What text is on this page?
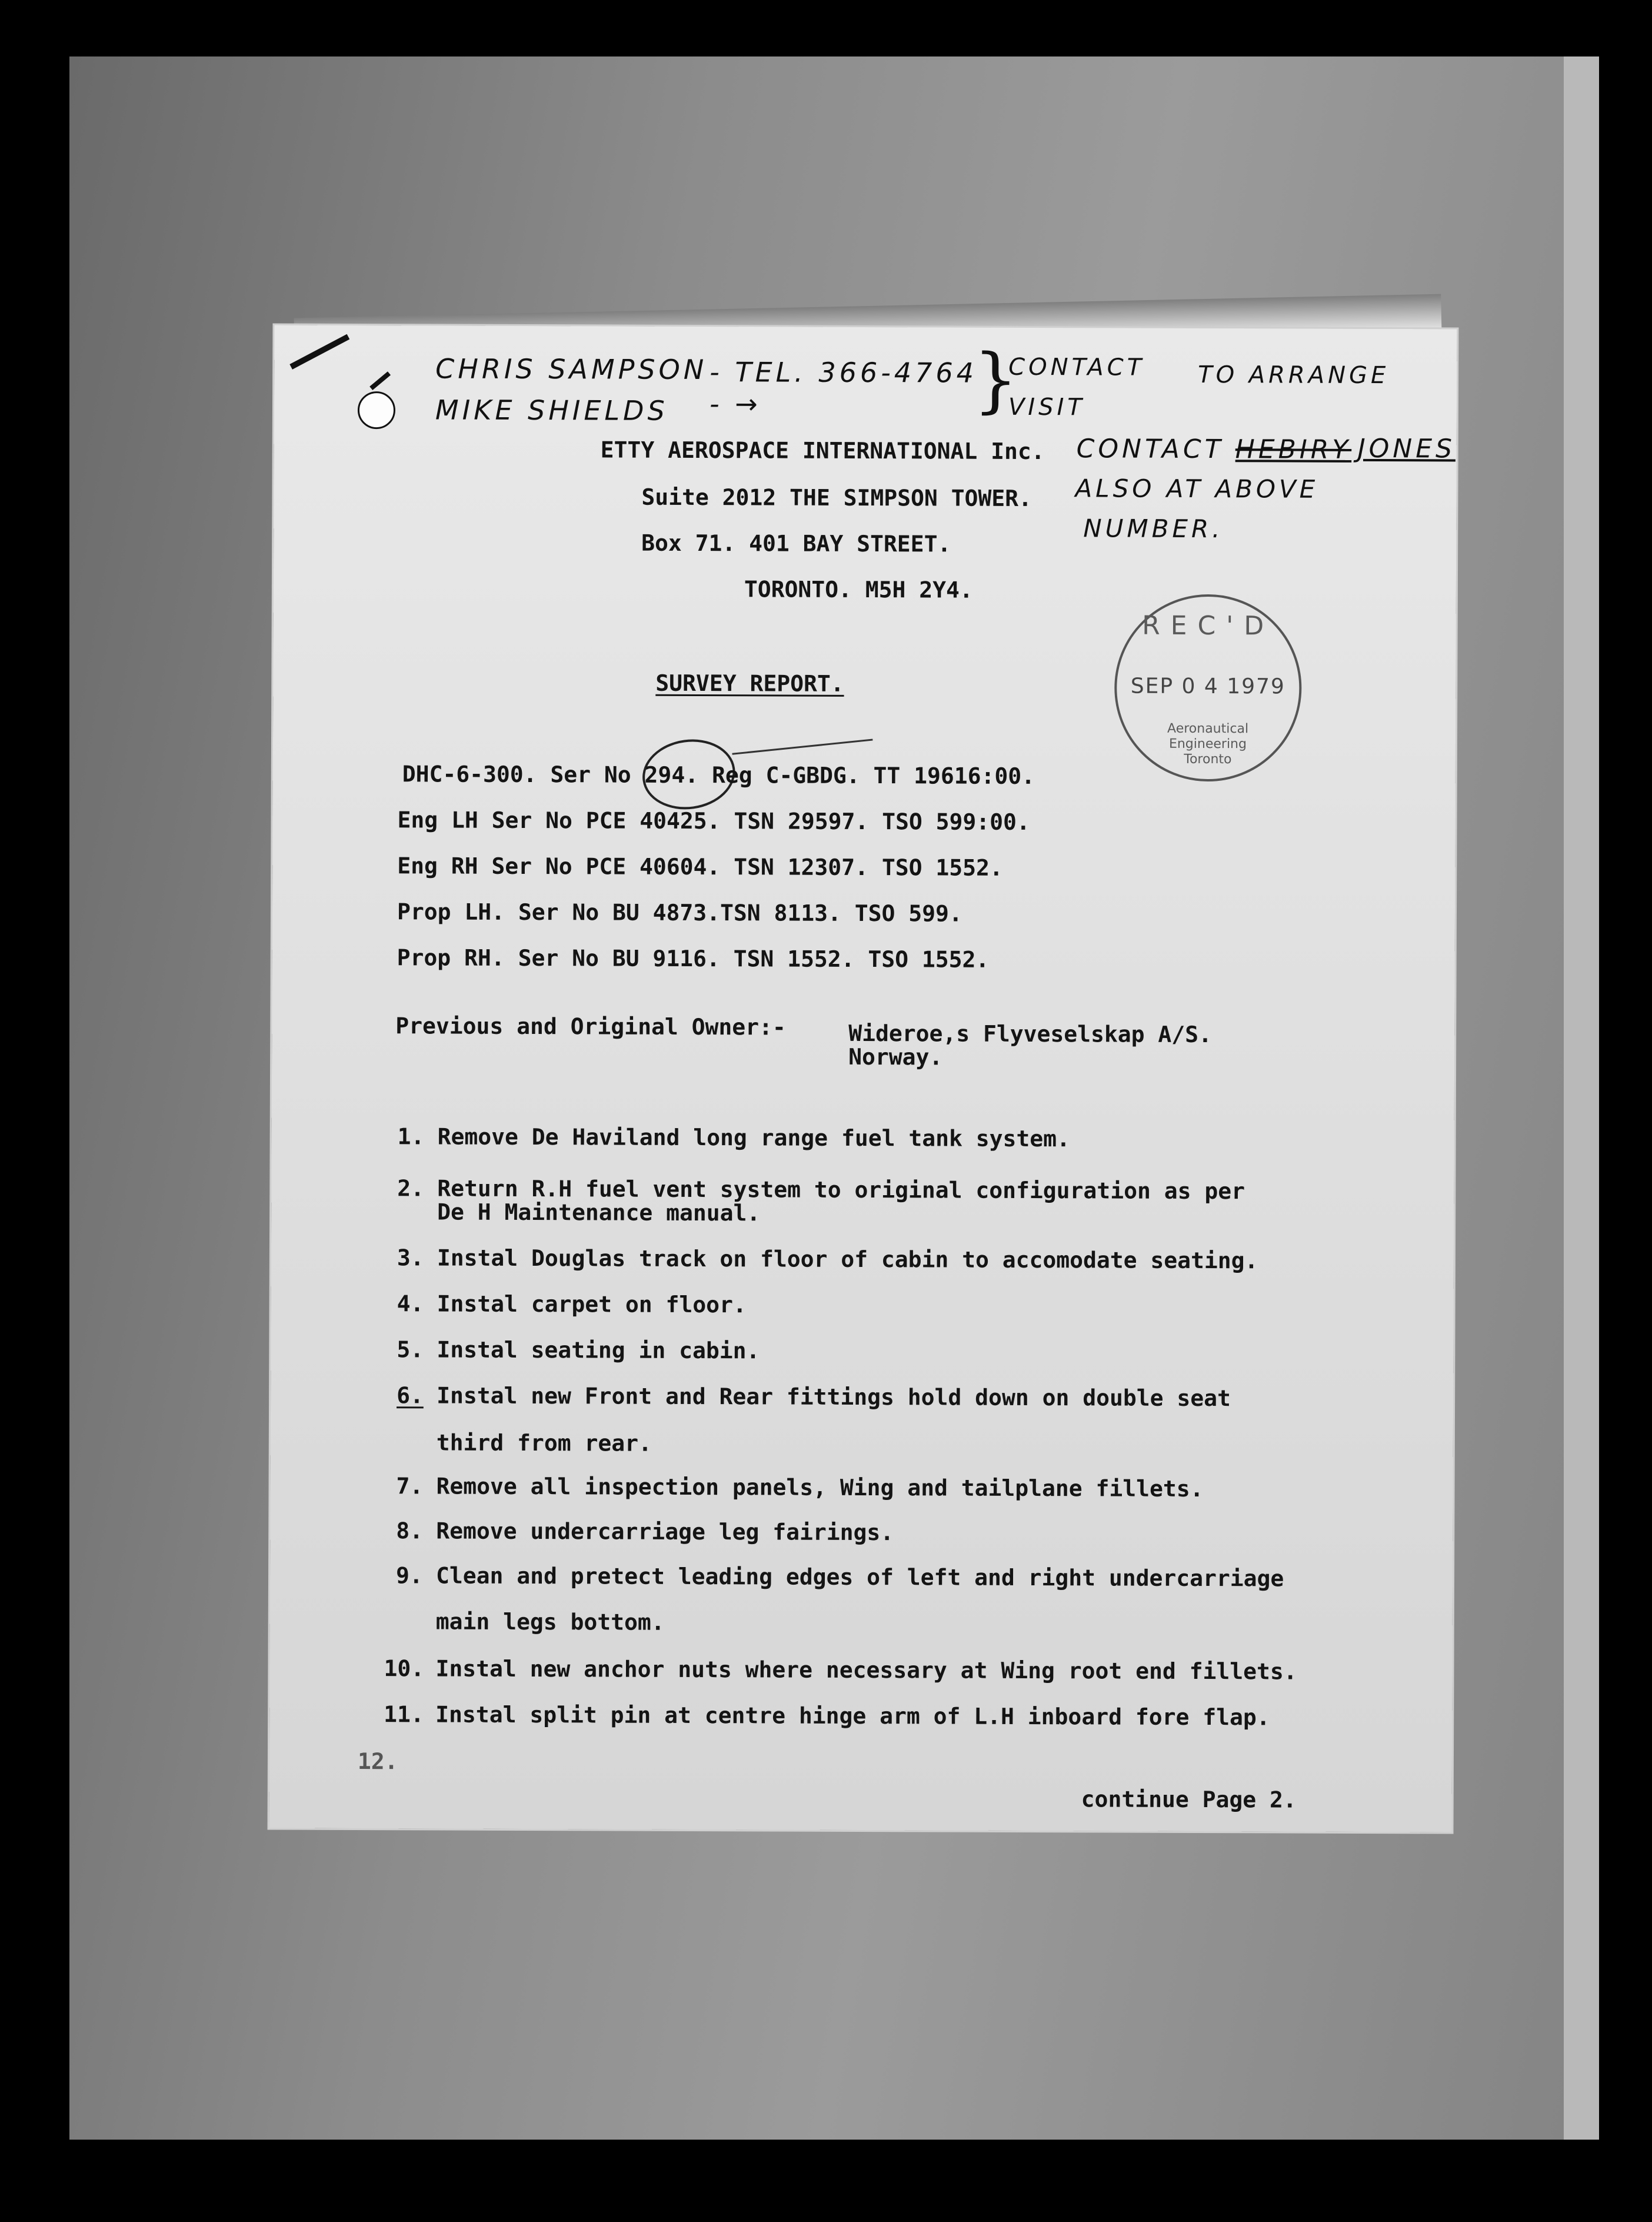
CHRIS SAMPSON - TEL. 366-4764
}
CONTACT TO ARRANGE
MIKE SHIELDS - →	VISIT
CONTACT HEBIRY JONES
ALSO AT ABOVE
NUMBER.
ETTY AEROSPACE INTERNATIONAL Inc.
Suite 2012 THE SIMPSON TOWER.
Box 71. 401 BAY STREET.
TORONTO. M5H 2Y4.
REC'D
SEP 0 4 1979
Aeronautical
Engineering
Toronto
SURVEY REPORT.
DHC-6-300. Ser No 294. Reg C-GBDG. TT 19616:00.
Eng LH Ser No PCE 40425. TSN 29597. TSO 599:00.
Eng RH Ser No PCE 40604. TSN 12307. TSO 1552.
Prop LH. Ser No BU 4873.TSN 8113. TSO 599.
Prop RH. Ser No BU 9116. TSN 1552. TSO 1552.
Previous and Original Owner:-	Wideroe,s Flyveselskap A/S.
Norway.
1. Remove De Haviland long range fuel tank system.
2. Return R.H fuel vent system to original configuration as per
De H Maintenance manual.
3. Instal Douglas track on floor of cabin to accomodate seating.
4. Instal carpet on floor.
5. Instal seating in cabin.
6. Instal new Front and Rear fittings hold down on double seat
third from rear.
7. Remove all inspection panels, Wing and tailplane fillets.
8. Remove undercarriage leg fairings.
9. Clean and pretect leading edges of left and right undercarriage
main legs bottom.
10. Instal new anchor nuts where necessary at Wing root end fillets.
11. Instal split pin at centre hinge arm of L.H inboard fore flap.
12.
continue Page 2.
